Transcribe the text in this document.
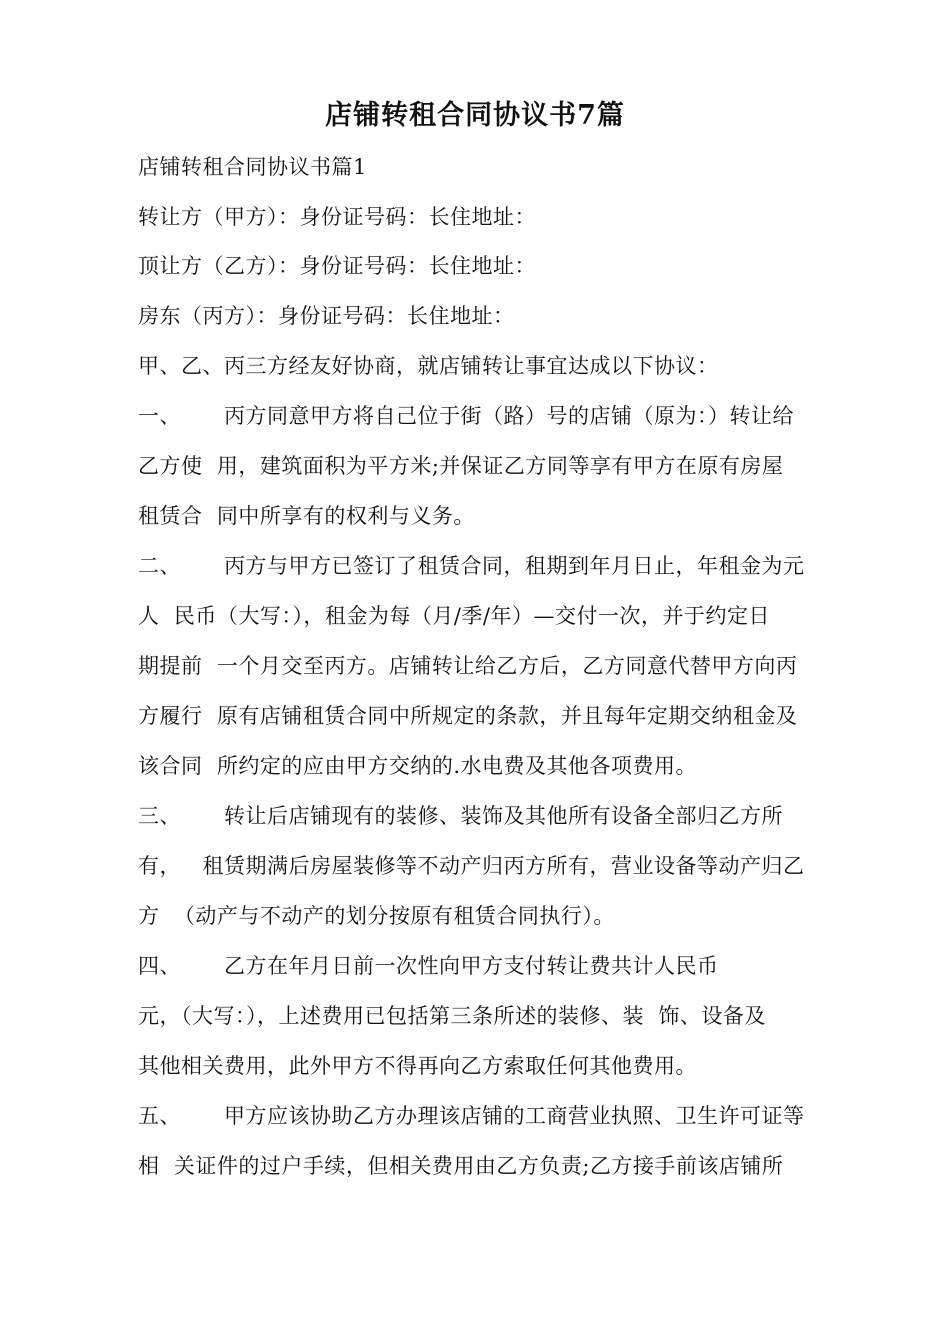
店铺转租合同协议书7篇
店铺转租合同协议书篇1
转让方（甲方）：身份证号码：长住地址：
顶让方（乙方）：身份证号码：长住地址：
房东（丙方）：身份证号码：长住地址：
甲、乙、丙三方经友好协商，就店铺转让事宜达成以下协议：
一、      丙方同意甲方将自己位于街（路）号的店铺（原为：）转让给
乙方使  用，建筑面积为平方米;并保证乙方同等享有甲方在原有房屋
租赁合  同中所享有的权利与义务。
二、      丙方与甲方已签订了租赁合同，租期到年月日止，年租金为元
人  民币（大写：），租金为每（月/季/年）—交付一次，并于约定日
期提前  一个月交至丙方。店铺转让给乙方后，乙方同意代替甲方向丙
方履行  原有店铺租赁合同中所规定的条款，并且每年定期交纳租金及
该合同  所约定的应由甲方交纳的.水电费及其他各项费用。
三、      转让后店铺现有的装修、装饰及其他所有设备全部归乙方所
有，   租赁期满后房屋装修等不动产归丙方所有，营业设备等动产归乙
方  （动产与不动产的划分按原有租赁合同执行）。
四、      乙方在年月日前一次性向甲方支付转让费共计人民币
元，（大写：），上述费用已包括第三条所述的装修、装  饰、设备及
其他相关费用，此外甲方不得再向乙方索取任何其他费用。
五、      甲方应该协助乙方办理该店铺的工商营业执照、卫生许可证等
相  关证件的过户手续，但相关费用由乙方负责;乙方接手前该店铺所
